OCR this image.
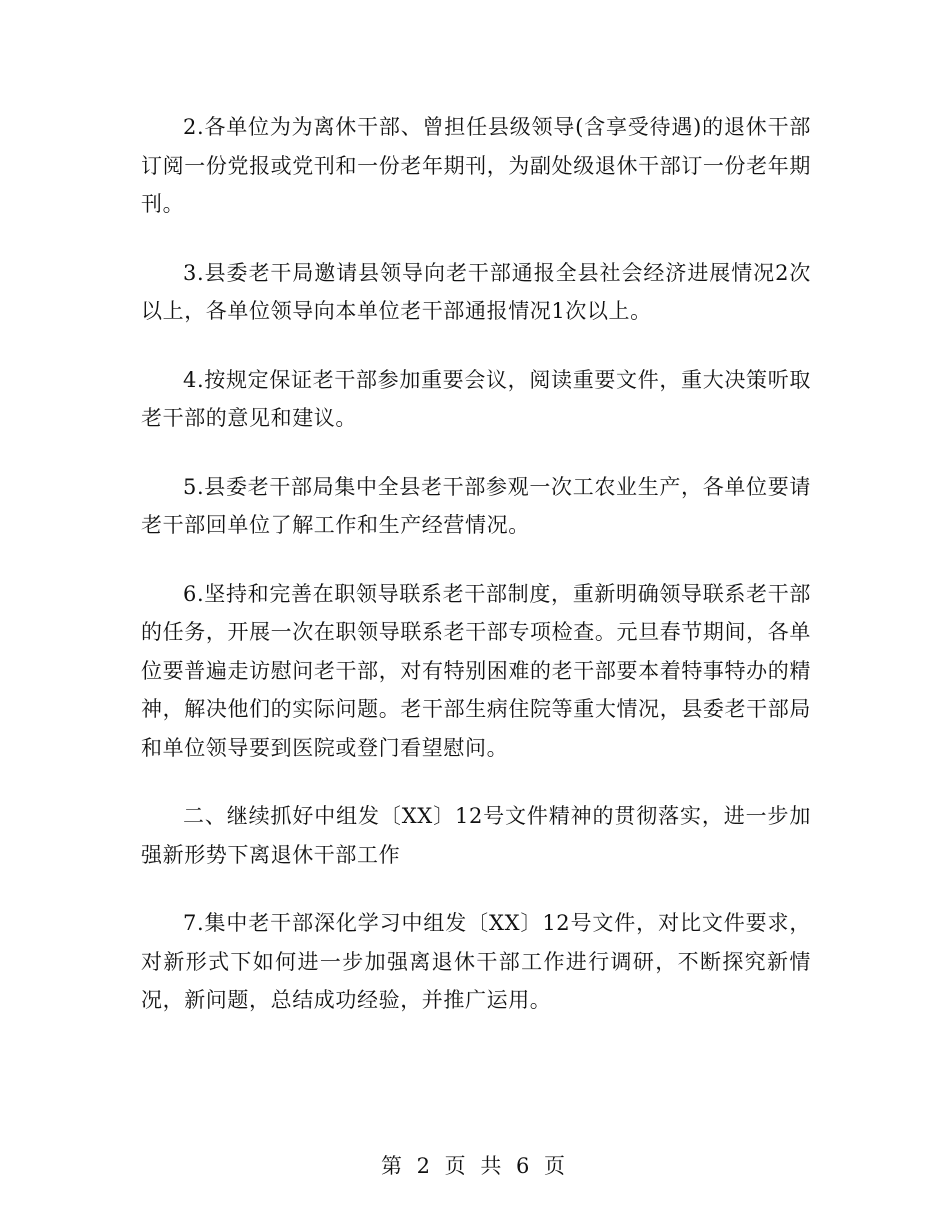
2.各单位为为离休干部、曾担任县级领导(含享受待遇)的退休干部订阅一份党报或党刊和一份老年期刊，为副处级退休干部订一份老年期刊。

3.县委老干局邀请县领导向老干部通报全县社会经济进展情况2次以上，各单位领导向本单位老干部通报情况1次以上。

4.按规定保证老干部参加重要会议，阅读重要文件，重大决策听取老干部的意见和建议。

5.县委老干部局集中全县老干部参观一次工农业生产，各单位要请老干部回单位了解工作和生产经营情况。

6.坚持和完善在职领导联系老干部制度，重新明确领导联系老干部的任务，开展一次在职领导联系老干部专项检查。元旦春节期间，各单位要普遍走访慰问老干部，对有特别困难的老干部要本着特事特办的精神，解决他们的实际问题。老干部生病住院等重大情况，县委老干部局和单位领导要到医院或登门看望慰问。

二、继续抓好中组发〔XX〕12号文件精神的贯彻落实，进一步加强新形势下离退休干部工作

7.集中老干部深化学习中组发〔XX〕12号文件，对比文件要求，对新形式下如何进一步加强离退休干部工作进行调研，不断探究新情况，新问题，总结成功经验，并推广运用。

第 2 页 共 6 页
